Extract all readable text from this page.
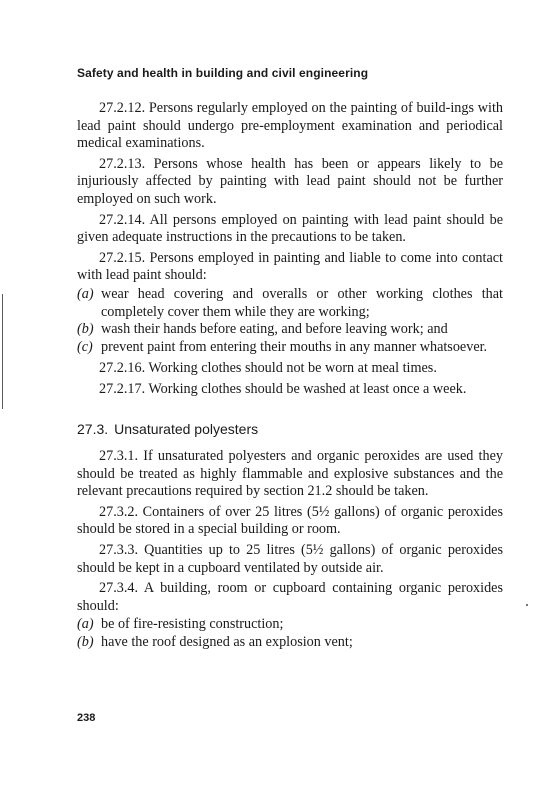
Safety and health in building and civil engineering

27.2.12. Persons regularly employed on the painting of build-ings with lead paint should undergo pre-employment examination and periodical medical examinations.

27.2.13. Persons whose health has been or appears likely to be injuriously affected by painting with lead paint should not be further employed on such work.

27.2.14. All persons employed on painting with lead paint should be given adequate instructions in the precautions to be taken.

27.2.15. Persons employed in painting and liable to come into contact with lead paint should:

(a) wear head covering and overalls or other working clothes that completely cover them while they are working;
(b) wash their hands before eating, and before leaving work; and
(c) prevent paint from entering their mouths in any manner whatsoever.

27.2.16. Working clothes should not be worn at meal times.

27.2.17. Working clothes should be washed at least once a week.

27.3. Unsaturated polyesters

27.3.1. If unsaturated polyesters and organic peroxides are used they should be treated as highly flammable and explosive substances and the relevant precautions required by section 21.2 should be taken.

27.3.2. Containers of over 25 litres (5½ gallons) of organic peroxides should be stored in a special building or room.

27.3.3. Quantities up to 25 litres (5½ gallons) of organic peroxides should be kept in a cupboard ventilated by outside air.

27.3.4. A building, room or cupboard containing organic peroxides should:

(a) be of fire-resisting construction;
(b) have the roof designed as an explosion vent;
238
